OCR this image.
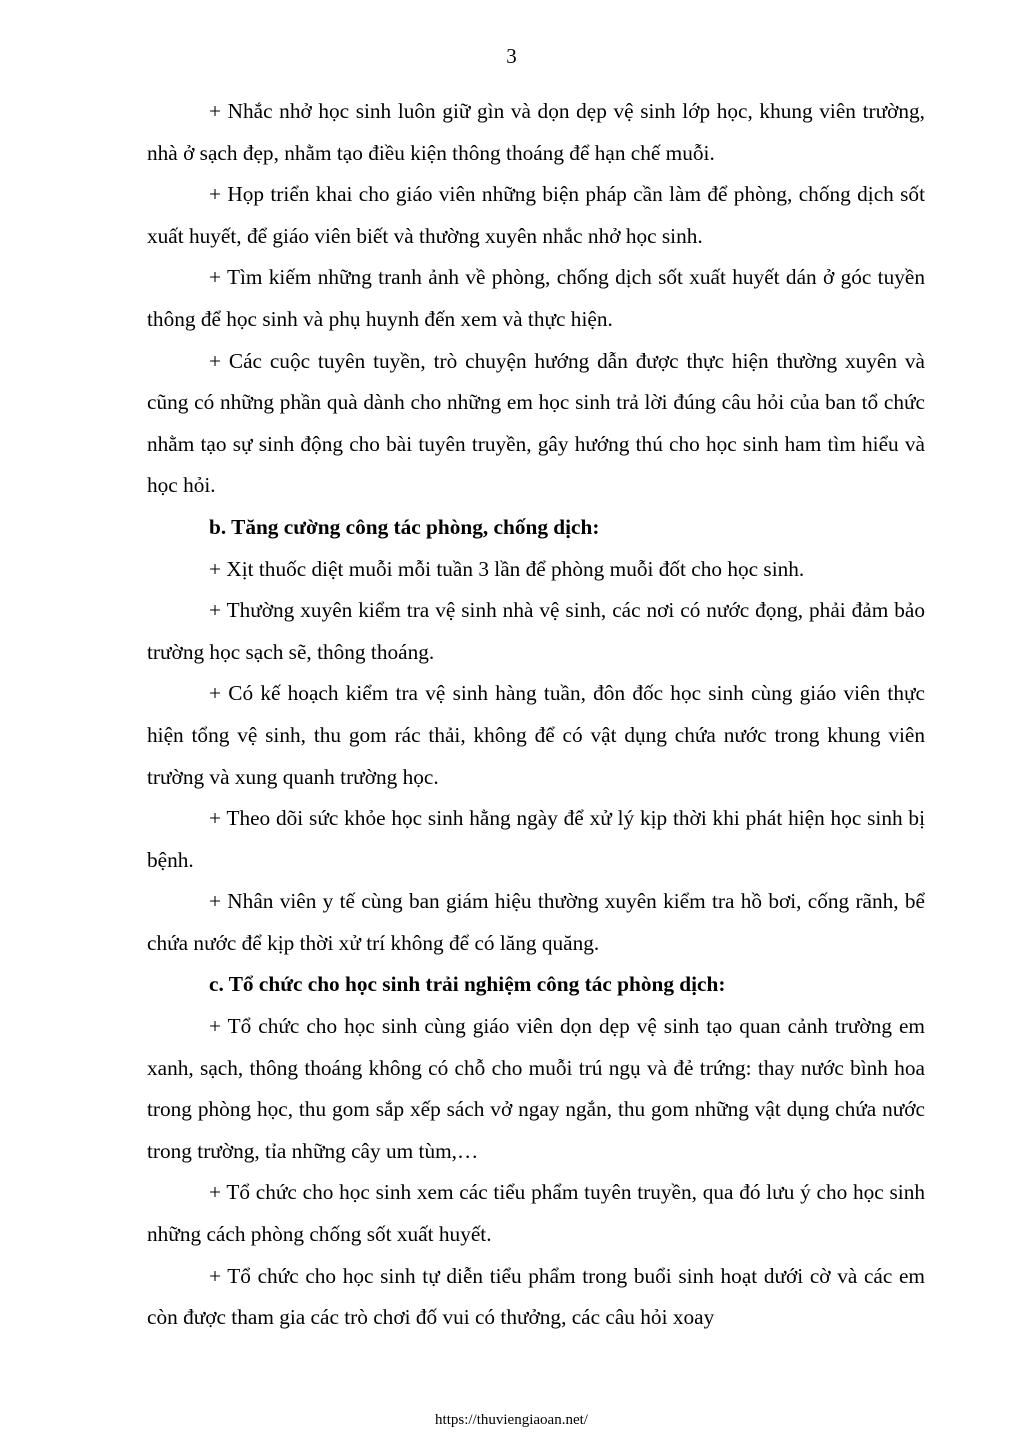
3

+ Nhắc nhở học sinh luôn giữ gìn và dọn dẹp vệ sinh lớp học, khung viên trường, nhà ở sạch đẹp, nhằm tạo điều kiện thông thoáng để hạn chế muỗi.

+ Họp triển khai cho giáo viên những biện pháp cần làm để phòng, chống dịch sốt xuất huyết, để giáo viên biết và thường xuyên nhắc nhở học sinh.

+ Tìm kiếm những tranh ảnh về phòng, chống dịch sốt xuất huyết dán ở góc tuyền thông để học sinh và phụ huynh đến xem và thực hiện.

+ Các cuộc tuyên tuyền, trò chuyện hướng dẫn được thực hiện thường xuyên và cũng có những phần quà dành cho những em học sinh trả lời đúng câu hỏi của ban tổ chức nhằm tạo sự sinh động cho bài tuyên truyền, gây hướng thú cho học sinh ham tìm hiểu và học hỏi.

b. Tăng cường công tác phòng, chống dịch:

+ Xịt thuốc diệt muỗi mỗi tuần 3 lần để phòng muỗi đốt cho học sinh.

+ Thường xuyên kiểm tra vệ sinh nhà vệ sinh, các nơi có nước đọng, phải đảm bảo trường học sạch sẽ, thông thoáng.

+ Có kế hoạch kiểm tra vệ sinh hàng tuần, đôn đốc học sinh cùng giáo viên thực hiện tổng vệ sinh, thu gom rác thải, không để có vật dụng chứa nước trong khung viên trường và xung quanh trường học.

+ Theo dõi sức khỏe học sinh hằng ngày để xử lý kịp thời khi phát hiện học sinh bị bệnh.

+ Nhân viên y tế cùng ban giám hiệu thường xuyên kiểm tra hồ bơi, cống rãnh, bể chứa nước để kịp thời xử trí không để có lăng quăng.

c. Tổ chức cho học sinh trải nghiệm công tác phòng dịch:

+ Tổ chức cho học sinh cùng giáo viên dọn dẹp vệ sinh tạo quan cảnh trường em xanh, sạch, thông thoáng không có chỗ cho muỗi trú ngụ và đẻ trứng: thay nước bình hoa trong phòng học, thu gom sắp xếp sách vở ngay ngắn, thu gom những vật dụng chứa nước trong trường, tỉa những cây um tùm,…

+ Tổ chức cho học sinh xem các tiểu phẩm tuyên truyền, qua đó lưu ý cho học sinh những cách phòng chống sốt xuất huyết.

+ Tổ chức cho học sinh tự diễn tiểu phẩm trong buổi sinh hoạt dưới cờ và các em còn được tham gia các trò chơi đố vui có thưởng, các câu hỏi xoay

https://thuviengiaoan.net/
